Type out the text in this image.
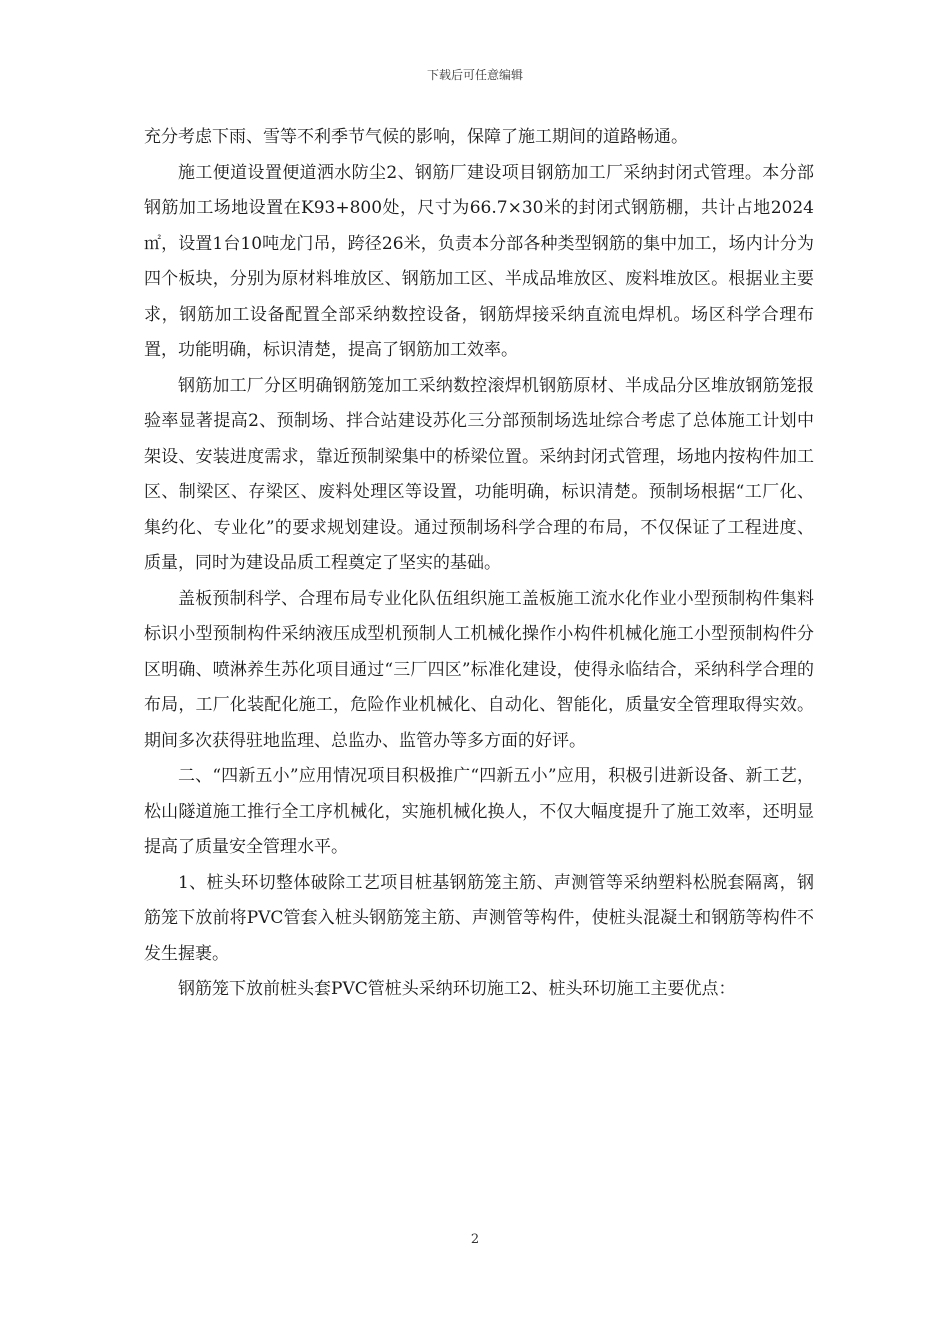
下载后可任意编辑

充分考虑下雨、雪等不利季节气候的影响，保障了施工期间的道路畅通。

施工便道设置便道洒水防尘2、钢筋厂建设项目钢筋加工厂采纳封闭式管理。本分部钢筋加工场地设置在K93+800处，尺寸为66.7×30米的封闭式钢筋棚，共计占地2024㎡，设置1台10吨龙门吊，跨径26米，负责本分部各种类型钢筋的集中加工，场内计分为四个板块，分别为原材料堆放区、钢筋加工区、半成品堆放区、废料堆放区。根据业主要求，钢筋加工设备配置全部采纳数控设备，钢筋焊接采纳直流电焊机。场区科学合理布置，功能明确，标识清楚，提高了钢筋加工效率。

钢筋加工厂分区明确钢筋笼加工采纳数控滚焊机钢筋原材、半成品分区堆放钢筋笼报验率显著提高2、预制场、拌合站建设苏化三分部预制场选址综合考虑了总体施工计划中架设、安装进度需求，靠近预制梁集中的桥梁位置。采纳封闭式管理，场地内按构件加工区、制梁区、存梁区、废料处理区等设置，功能明确，标识清楚。预制场根据“工厂化、集约化、专业化”的要求规划建设。通过预制场科学合理的布局，不仅保证了工程进度、质量，同时为建设品质工程奠定了坚实的基础。

盖板预制科学、合理布局专业化队伍组织施工盖板施工流水化作业小型预制构件集料标识小型预制构件采纳液压成型机预制人工机械化操作小构件机械化施工小型预制构件分区明确、喷淋养生苏化项目通过“三厂四区”标准化建设，使得永临结合，采纳科学合理的布局，工厂化装配化施工，危险作业机械化、自动化、智能化，质量安全管理取得实效。期间多次获得驻地监理、总监办、监管办等多方面的好评。

二、“四新五小”应用情况项目积极推广“四新五小”应用，积极引进新设备、新工艺，松山隧道施工推行全工序机械化，实施机械化换人，不仅大幅度提升了施工效率，还明显提高了质量安全管理水平。

1、桩头环切整体破除工艺项目桩基钢筋笼主筋、声测管等采纳塑料松脱套隔离，钢筋笼下放前将PVC管套入桩头钢筋笼主筋、声测管等构件，使桩头混凝土和钢筋等构件不发生握裹。

钢筋笼下放前桩头套PVC管桩头采纳环切施工2、桩头环切施工主要优点：

2
